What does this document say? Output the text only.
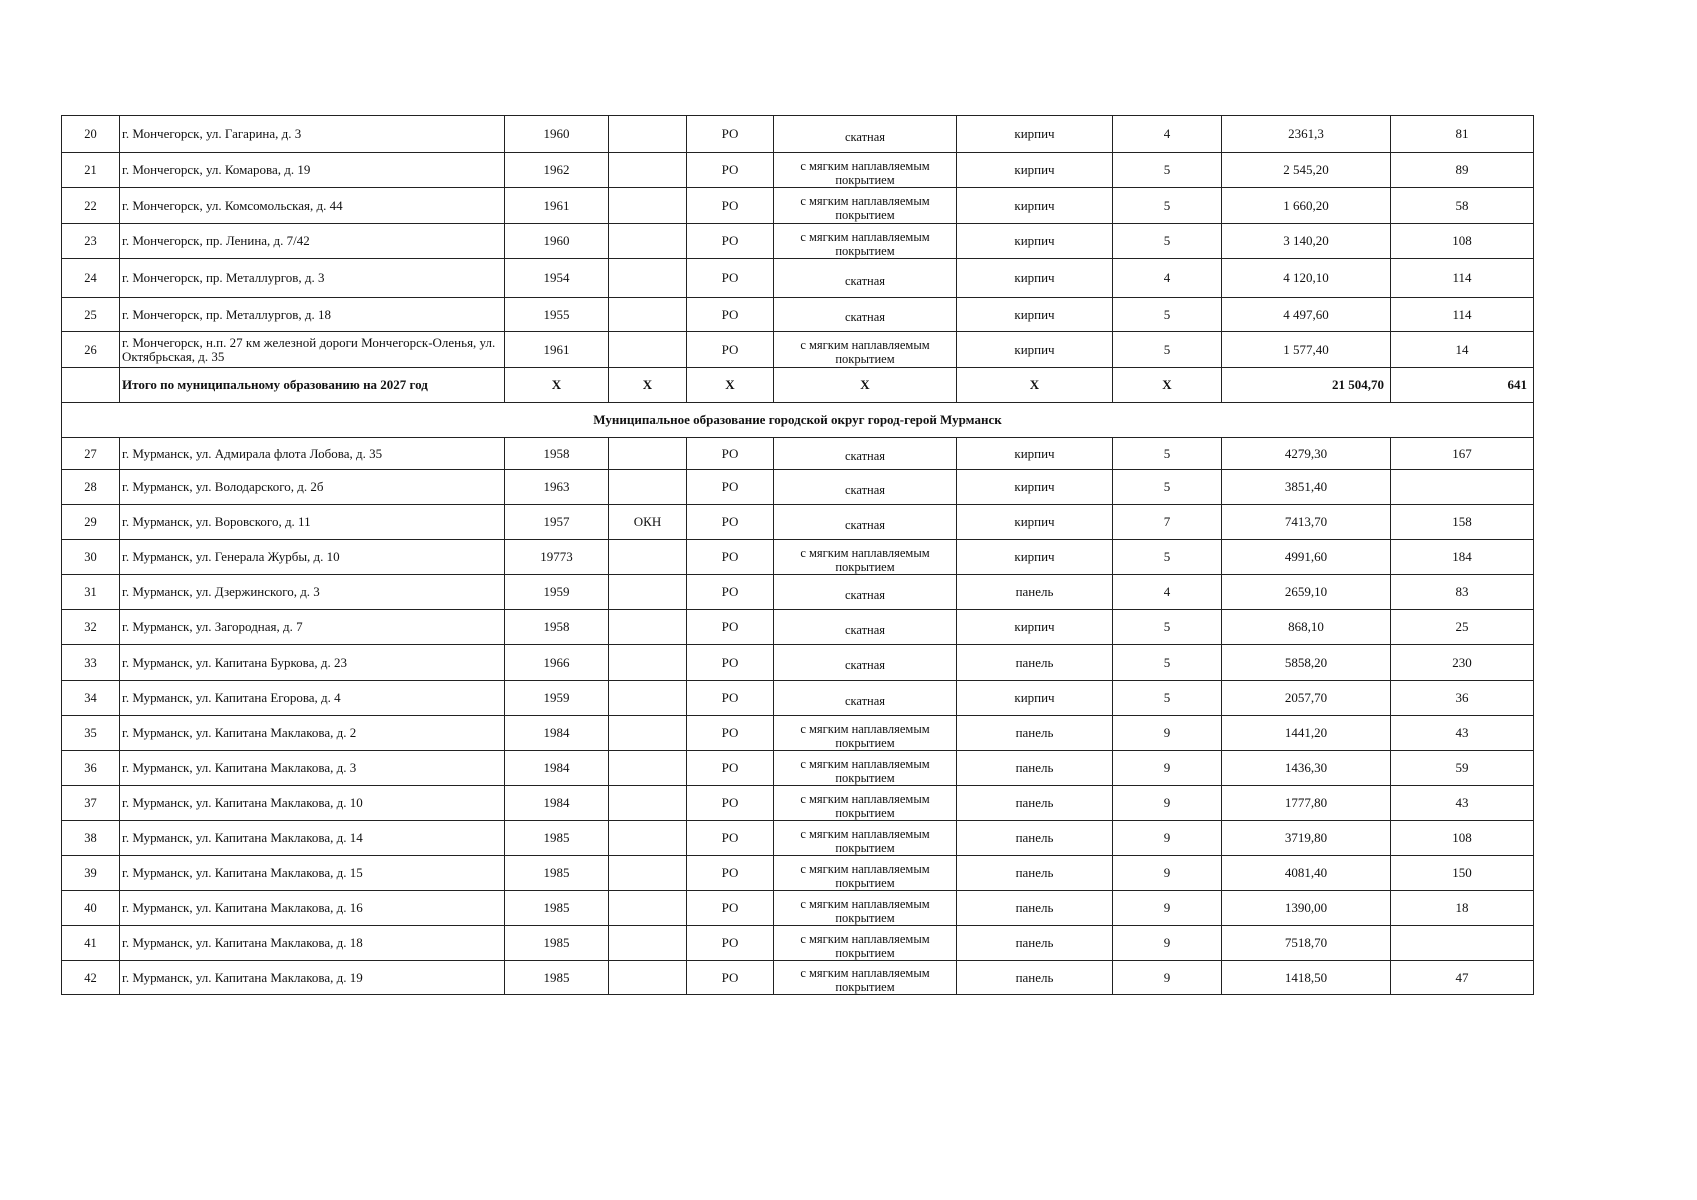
20	г. Мончегорск, ул. Гагарина, д. 3	1960		РО	скатная	кирпич	4	2361,3	81
21	г. Мончегорск, ул. Комарова, д. 19	1962		РО	с мягким наплавляемым покрытием	кирпич	5	2 545,20	89
22	г. Мончегорск, ул. Комсомольская, д. 44	1961		РО	с мягким наплавляемым покрытием	кирпич	5	1 660,20	58
23	г. Мончегорск, пр. Ленина, д. 7/42	1960		РО	с мягким наплавляемым покрытием	кирпич	5	3 140,20	108
24	г. Мончегорск, пр. Металлургов, д. 3	1954		РО	скатная	кирпич	4	4 120,10	114
25	г. Мончегорск, пр. Металлургов, д. 18	1955		РО	скатная	кирпич	5	4 497,60	114
26	г. Мончегорск, н.п. 27 км железной дороги Мончегорск-Оленья, ул. Октябрьская, д. 35	1961		РО	с мягким наплавляемым покрытием	кирпич	5	1 577,40	14
	Итого по муниципальному образованию на 2027 год	Х	Х	Х	Х	Х	Х	21 504,70	641
Муниципальное образование городской округ город-герой Мурманск									
27	г. Мурманск, ул. Адмирала флота Лобова, д. 35	1958		РО	скатная	кирпич	5	4279,30	167
28	г. Мурманск, ул. Володарского, д. 2б	1963		РО	скатная	кирпич	5	3851,40	
29	г. Мурманск, ул. Воровского, д. 11	1957	ОКН	РО	скатная	кирпич	7	7413,70	158
30	г. Мурманск, ул. Генерала Журбы, д. 10	19773		РО	с мягким наплавляемым покрытием	кирпич	5	4991,60	184
31	г. Мурманск, ул. Дзержинского, д. 3	1959		РО	скатная	панель	4	2659,10	83
32	г. Мурманск, ул. Загородная, д. 7	1958		РО	скатная	кирпич	5	868,10	25
33	г. Мурманск, ул. Капитана Буркова, д. 23	1966		РО	скатная	панель	5	5858,20	230
34	г. Мурманск, ул. Капитана Егорова, д. 4	1959		РО	скатная	кирпич	5	2057,70	36
35	г. Мурманск, ул. Капитана Маклакова, д. 2	1984		РО	с мягким наплавляемым покрытием	панель	9	1441,20	43
36	г. Мурманск, ул. Капитана Маклакова, д. 3	1984		РО	с мягким наплавляемым покрытием	панель	9	1436,30	59
37	г. Мурманск, ул. Капитана Маклакова, д. 10	1984		РО	с мягким наплавляемым покрытием	панель	9	1777,80	43
38	г. Мурманск, ул. Капитана Маклакова, д. 14	1985		РО	с мягким наплавляемым покрытием	панель	9	3719,80	108
39	г. Мурманск, ул. Капитана Маклакова, д. 15	1985		РО	с мягким наплавляемым покрытием	панель	9	4081,40	150
40	г. Мурманск, ул. Капитана Маклакова, д. 16	1985		РО	с мягким наплавляемым покрытием	панель	9	1390,00	18
41	г. Мурманск, ул. Капитана Маклакова, д. 18	1985		РО	с мягким наплавляемым покрытием	панель	9	7518,70	
42	г. Мурманск, ул. Капитана Маклакова, д. 19	1985		РО	с мягким наплавляемым покрытием	панель	9	1418,50	47
